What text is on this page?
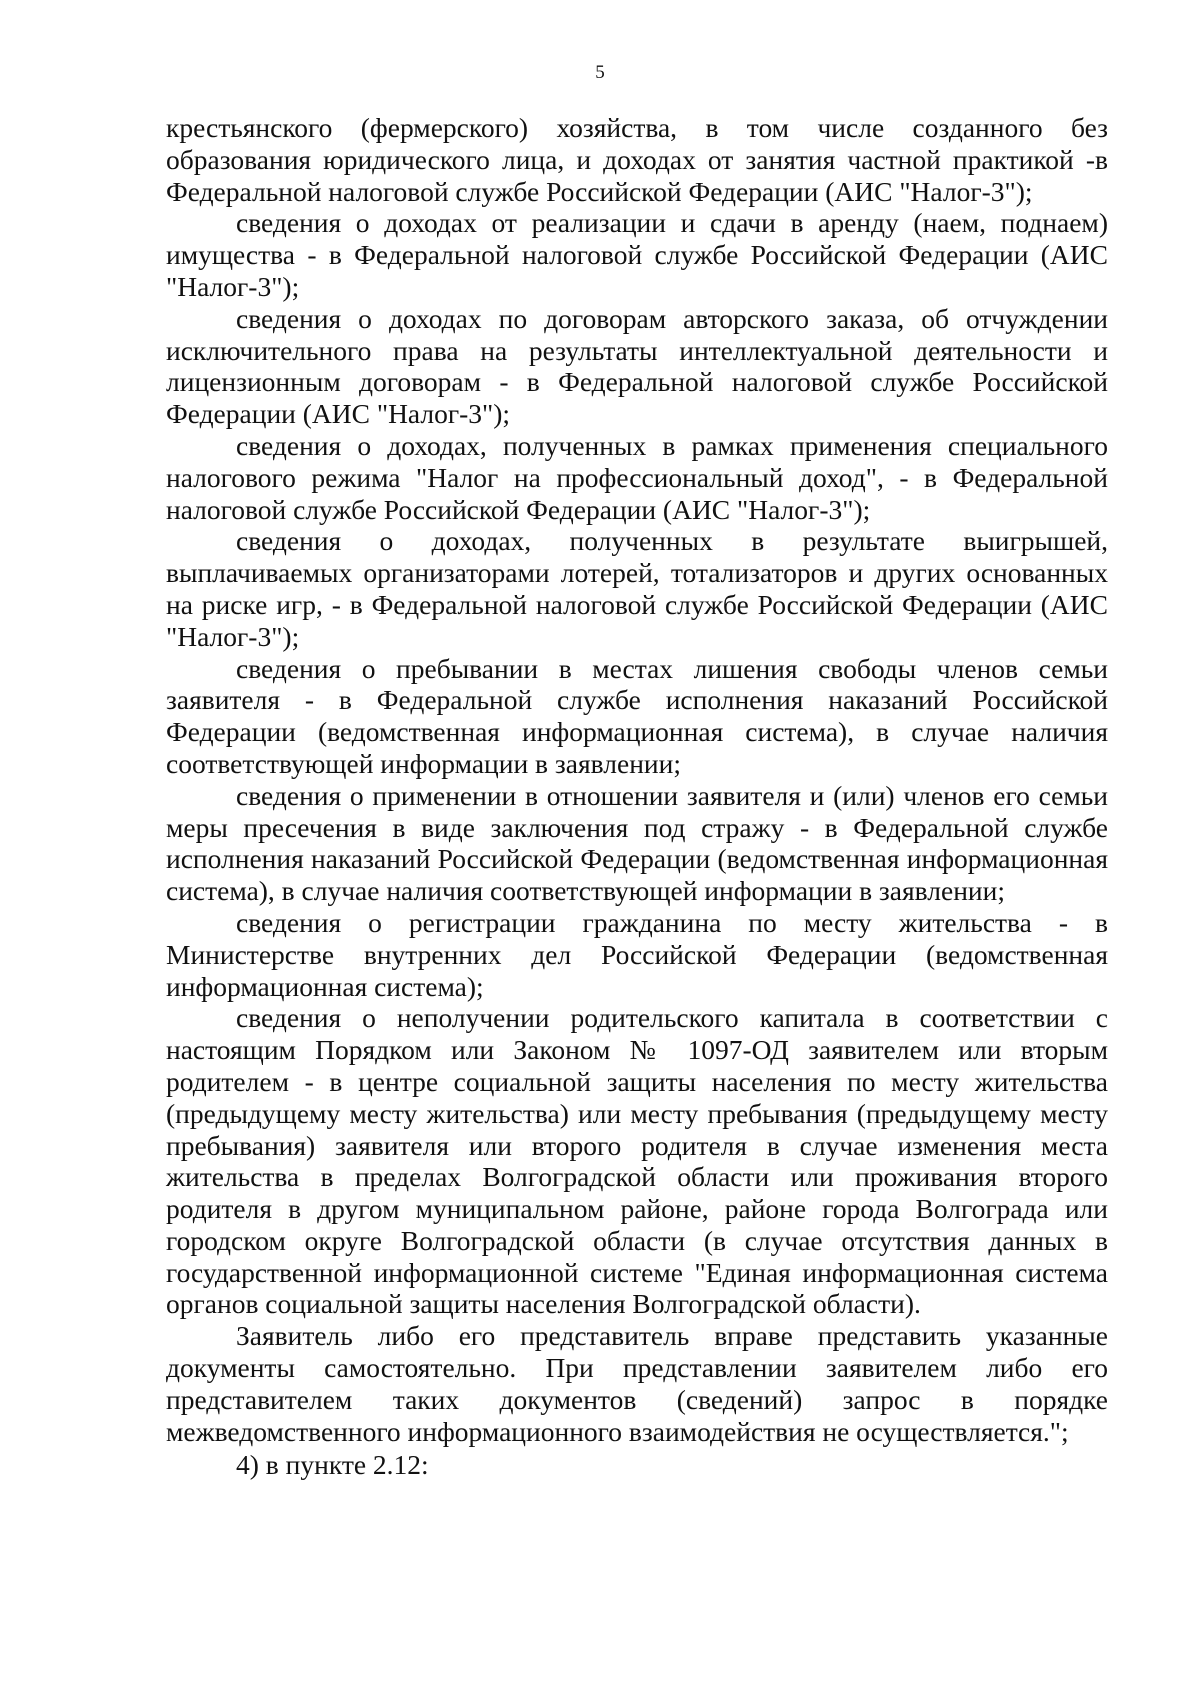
5

крестьянского (фермерского) хозяйства, в том числе созданного без образования юридического лица, и доходах от занятия частной практикой -в Федеральной налоговой службе Российской Федерации (АИС "Налог-3");

сведения о доходах от реализации и сдачи в аренду (наем, поднаем) имущества - в Федеральной налоговой службе Российской Федерации (АИС "Налог-3");

сведения о доходах по договорам авторского заказа, об отчуждении исключительного права на результаты интеллектуальной деятельности и лицензионным договорам - в Федеральной налоговой службе Российской Федерации (АИС "Налог-3");

сведения о доходах, полученных в рамках применения специального налогового режима "Налог на профессиональный доход", - в Федеральной налоговой службе Российской Федерации (АИС "Налог-3");

сведения о доходах, полученных в результате выигрышей, выплачиваемых организаторами лотерей, тотализаторов и других основанных на риске игр, - в Федеральной налоговой службе Российской Федерации (АИС "Налог-3");

сведения о пребывании в местах лишения свободы членов семьи заявителя - в Федеральной службе исполнения наказаний Российской Федерации (ведомственная информационная система), в случае наличия соответствующей информации в заявлении;

сведения о применении в отношении заявителя и (или) членов его семьи меры пресечения в виде заключения под стражу - в Федеральной службе исполнения наказаний Российской Федерации (ведомственная информационная система), в случае наличия соответствующей информации в заявлении;

сведения о регистрации гражданина по месту жительства - в Министерстве внутренних дел Российской Федерации (ведомственная информационная система);

сведения о неполучении родительского капитала в соответствии с настоящим Порядком или Законом № 1097-ОД заявителем или вторым родителем - в центре социальной защиты населения по месту жительства (предыдущему месту жительства) или месту пребывания (предыдущему месту пребывания) заявителя или второго родителя в случае изменения места жительства в пределах Волгоградской области или проживания второго родителя в другом муниципальном районе, районе города Волгограда или городском округе Волгоградской области (в случае отсутствия данных в государственной информационной системе "Единая информационная система органов социальной защиты населения Волгоградской области).

Заявитель либо его представитель вправе представить указанные документы самостоятельно. При представлении заявителем либо его представителем таких документов (сведений) запрос в порядке межведомственного информационного взаимодействия не осуществляется.";

4) в пункте 2.12:
